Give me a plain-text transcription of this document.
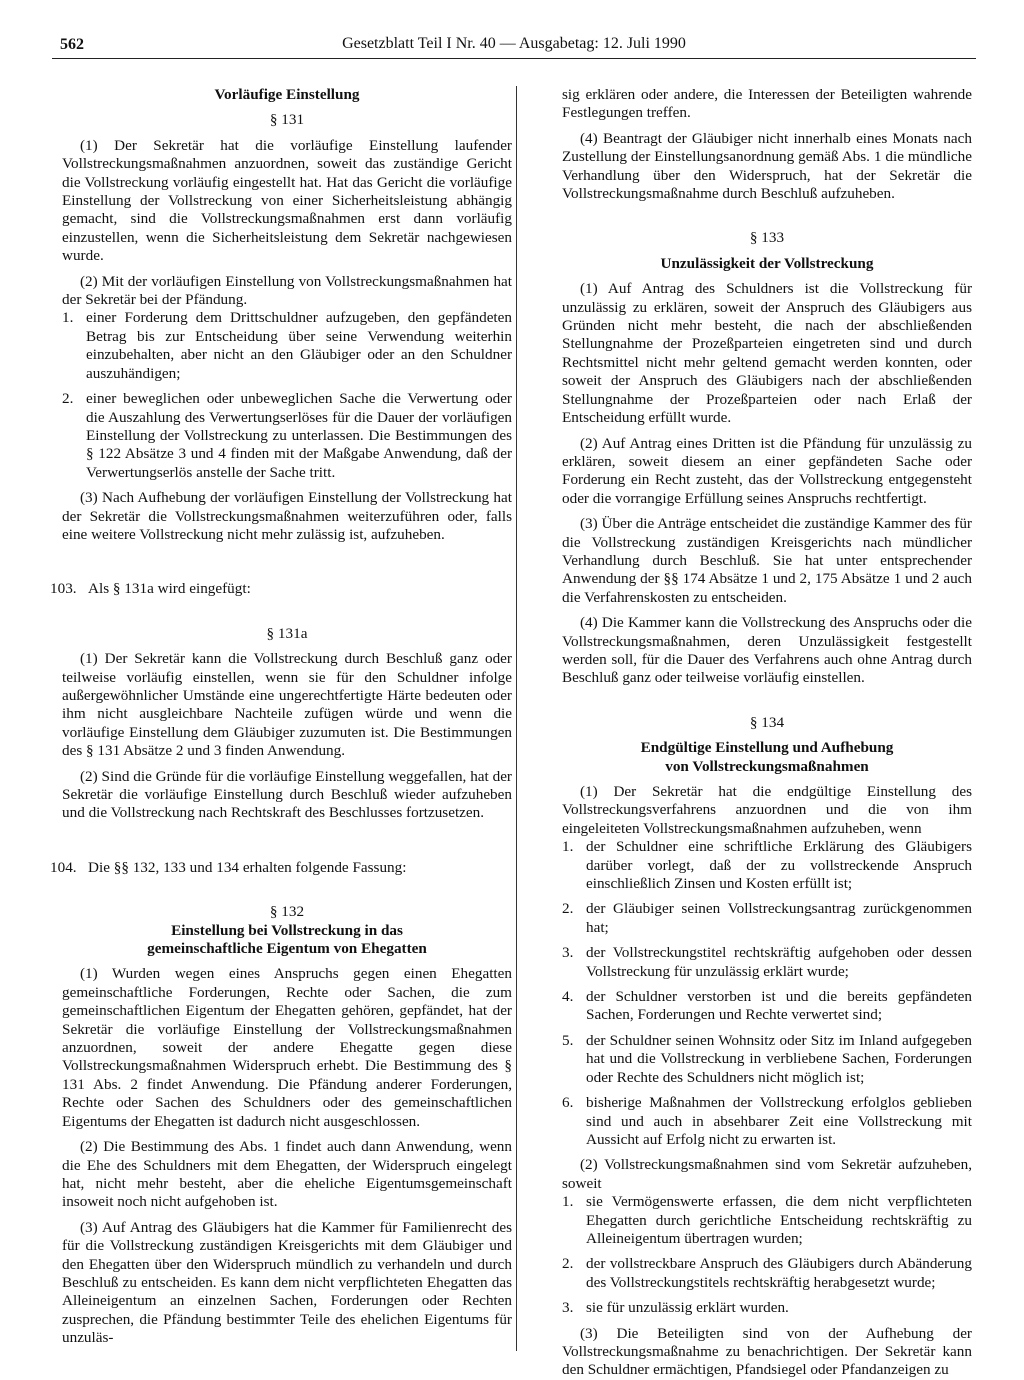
562	Gesetzblatt Teil I Nr. 40 — Ausgabetag: 12. Juli 1990

Vorläufige Einstellung

§ 131

(1) Der Sekretär hat die vorläufige Einstellung laufender Vollstreckungsmaßnahmen anzuordnen, soweit das zuständige Gericht die Vollstreckung vorläufig eingestellt hat. Hat das Gericht die vorläufige Einstellung der Vollstreckung von einer Sicherheitsleistung abhängig gemacht, sind die Vollstreckungsmaßnahmen erst dann vorläufig einzustellen, wenn die Sicherheitsleistung dem Sekretär nachgewiesen wurde.

(2) Mit der vorläufigen Einstellung von Vollstreckungsmaßnahmen hat der Sekretär bei der Pfändung.

1. einer Forderung dem Drittschuldner aufzugeben, den gepfändeten Betrag bis zur Entscheidung über seine Verwendung weiterhin einzubehalten, aber nicht an den Gläubiger oder an den Schuldner auszuhändigen;
2. einer beweglichen oder unbeweglichen Sache die Verwertung oder die Auszahlung des Verwertungserlöses für die Dauer der vorläufigen Einstellung der Vollstreckung zu unterlassen. Die Bestimmungen des § 122 Absätze 3 und 4 finden mit der Maßgabe Anwendung, daß der Verwertungserlös anstelle der Sache tritt.

(3) Nach Aufhebung der vorläufigen Einstellung der Vollstreckung hat der Sekretär die Vollstreckungsmaßnahmen weiterzuführen oder, falls eine weitere Vollstreckung nicht mehr zulässig ist, aufzuheben.

103. Als § 131a wird eingefügt:

§ 131a

(1) Der Sekretär kann die Vollstreckung durch Beschluß ganz oder teilweise vorläufig einstellen, wenn sie für den Schuldner infolge außergewöhnlicher Umstände eine ungerechtfertigte Härte bedeuten oder ihm nicht ausgleichbare Nachteile zufügen würde und wenn die vorläufige Einstellung dem Gläubiger zuzumuten ist. Die Bestimmungen des § 131 Absätze 2 und 3 finden Anwendung.

(2) Sind die Gründe für die vorläufige Einstellung weggefallen, hat der Sekretär die vorläufige Einstellung durch Beschluß wieder aufzuheben und die Vollstreckung nach Rechtskraft des Beschlusses fortzusetzen.

104. Die §§ 132, 133 und 134 erhalten folgende Fassung:

§ 132

Einstellung bei Vollstreckung in das

gemeinschaftliche Eigentum von Ehegatten

(1) Wurden wegen eines Anspruchs gegen einen Ehegatten gemeinschaftliche Forderungen, Rechte oder Sachen, die zum gemeinschaftlichen Eigentum der Ehegatten gehören, gepfändet, hat der Sekretär die vorläufige Einstellung der Vollstreckungsmaßnahmen anzuordnen, soweit der andere Ehegatte gegen diese Vollstreckungsmaßnahmen Widerspruch erhebt. Die Bestimmung des § 131 Abs. 2 findet Anwendung. Die Pfändung anderer Forderungen, Rechte oder Sachen des Schuldners oder des gemeinschaftlichen Eigentums der Ehegatten ist dadurch nicht ausgeschlossen.

(2) Die Bestimmung des Abs. 1 findet auch dann Anwendung, wenn die Ehe des Schuldners mit dem Ehegatten, der Widerspruch eingelegt hat, nicht mehr besteht, aber die eheliche Eigentumsgemeinschaft insoweit noch nicht aufgehoben ist.

(3) Auf Antrag des Gläubigers hat die Kammer für Familienrecht des für die Vollstreckung zuständigen Kreisgerichts mit dem Gläubiger und den Ehegatten über den Widerspruch mündlich zu verhandeln und durch Beschluß zu entscheiden. Es kann dem nicht verpflichteten Ehegatten das Alleineigentum an einzelnen Sachen, Forderungen oder Rechten zusprechen, die Pfändung bestimmter Teile des ehelichen Eigentums für unzuläs-

sig erklären oder andere, die Interessen der Beteiligten wahrende Festlegungen treffen.

(4) Beantragt der Gläubiger nicht innerhalb eines Monats nach Zustellung der Einstellungsanordnung gemäß Abs. 1 die mündliche Verhandlung über den Widerspruch, hat der Sekretär die Vollstreckungsmaßnahme durch Beschluß aufzuheben.

§ 133

Unzulässigkeit der Vollstreckung

(1) Auf Antrag des Schuldners ist die Vollstreckung für unzulässig zu erklären, soweit der Anspruch des Gläubigers aus Gründen nicht mehr besteht, die nach der abschließenden Stellungnahme der Prozeßparteien eingetreten sind und durch Rechtsmittel nicht mehr geltend gemacht werden konnten, oder soweit der Anspruch des Gläubigers nach der abschließenden Stellungnahme der Prozeßparteien oder nach Erlaß der Entscheidung erfüllt wurde.

(2) Auf Antrag eines Dritten ist die Pfändung für unzulässig zu erklären, soweit diesem an einer gepfändeten Sache oder Forderung ein Recht zusteht, das der Vollstreckung entgegensteht oder die vorrangige Erfüllung seines Anspruchs rechtfertigt.

(3) Über die Anträge entscheidet die zuständige Kammer des für die Vollstreckung zuständigen Kreisgerichts nach mündlicher Verhandlung durch Beschluß. Sie hat unter entsprechender Anwendung der §§ 174 Absätze 1 und 2, 175 Absätze 1 und 2 auch die Verfahrenskosten zu entscheiden.

(4) Die Kammer kann die Vollstreckung des Anspruchs oder die Vollstreckungsmaßnahmen, deren Unzulässigkeit festgestellt werden soll, für die Dauer des Verfahrens auch ohne Antrag durch Beschluß ganz oder teilweise vorläufig einstellen.

§ 134

Endgültige Einstellung und Aufhebung

von Vollstreckungsmaßnahmen

(1) Der Sekretär hat die endgültige Einstellung des Vollstreckungsverfahrens anzuordnen und die von ihm eingeleiteten Vollstreckungsmaßnahmen aufzuheben, wenn

1. der Schuldner eine schriftliche Erklärung des Gläubigers darüber vorlegt, daß der zu vollstreckende Anspruch einschließlich Zinsen und Kosten erfüllt ist;
2. der Gläubiger seinen Vollstreckungsantrag zurückgenommen hat;
3. der Vollstreckungstitel rechtskräftig aufgehoben oder dessen Vollstreckung für unzulässig erklärt wurde;
4. der Schuldner verstorben ist und die bereits gepfändeten Sachen, Forderungen und Rechte verwertet sind;
5. der Schuldner seinen Wohnsitz oder Sitz im Inland aufgegeben hat und die Vollstreckung in verbliebene Sachen, Forderungen oder Rechte des Schuldners nicht möglich ist;
6. bisherige Maßnahmen der Vollstreckung erfolglos geblieben sind und auch in absehbarer Zeit eine Vollstreckung mit Aussicht auf Erfolg nicht zu erwarten ist.

(2) Vollstreckungsmaßnahmen sind vom Sekretär aufzuheben, soweit

1. sie Vermögenswerte erfassen, die dem nicht verpflichteten Ehegatten durch gerichtliche Entscheidung rechtskräftig zu Alleineigentum übertragen wurden;
2. der vollstreckbare Anspruch des Gläubigers durch Abänderung des Vollstreckungstitels rechtskräftig herabgesetzt wurde;
3. sie für unzulässig erklärt wurden.

(3) Die Beteiligten sind von der Aufhebung der Vollstreckungsmaßnahme zu benachrichtigen. Der Sekretär kann den Schuldner ermächtigen, Pfandsiegel oder Pfandanzeigen zu
